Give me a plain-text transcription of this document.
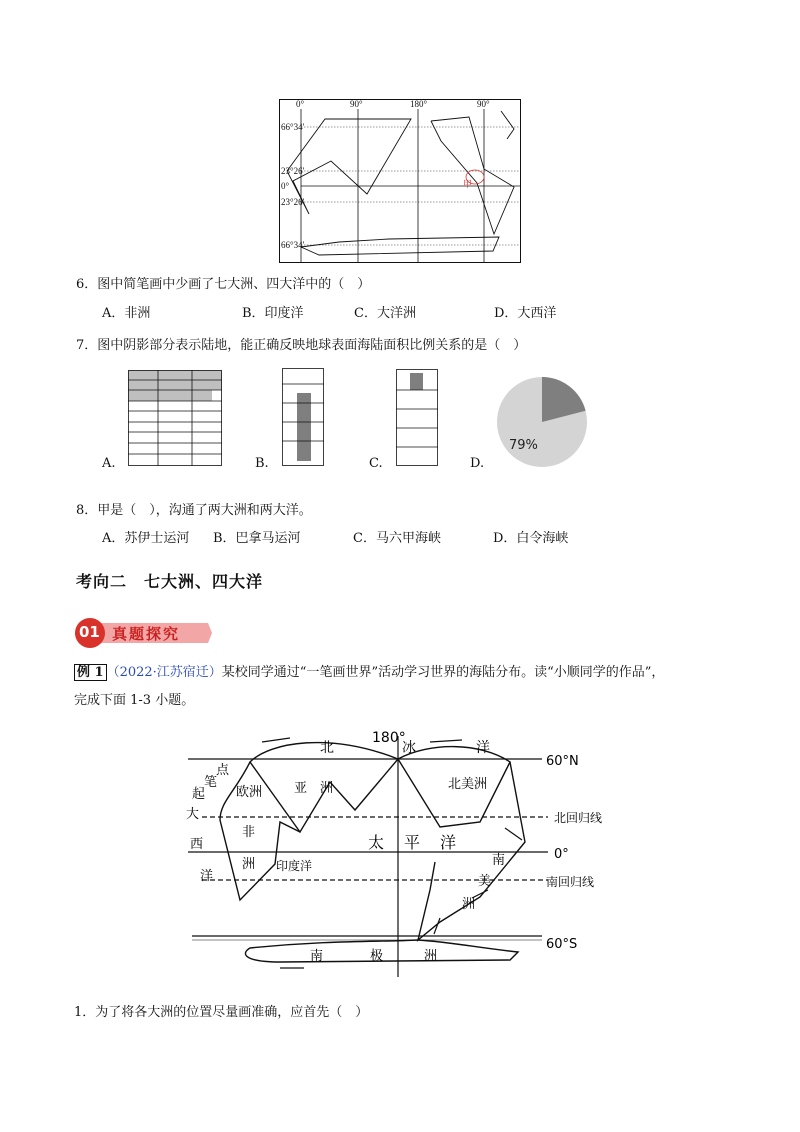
0°	90°	180°	90°
66°34'
23°26'
0°
23°26'
66°34'
甲
6．图中简笔画中少画了七大洲、四大洋中的（　）
A．非洲	B．印度洋	C．大洋洲	D．大西洋
7．图中阴影部分表示陆地，能正确反映地球表面海陆面积比例关系的是（　）
A.	B.	C.	D.
79%
8．甲是（　），沟通了两大洲和两大洋。
A．苏伊士运河 B．巴拿马运河	C．马六甲海峡	D．白令海峡
考向二　七大洲、四大洋
01 真题探究
例 1 （2022·江苏宿迁）某校同学通过“一笔画世界”活动学习世界的海陆分布。读“小顺同学的作品”，
完成下面 1-3 小题。
180°
60°N
北回归线
0°
南回归线
60°S
北	冰	洋
点
笔
起
大
西
洋
欧洲 亚　洲	北美洲
非
洲 印度洋
太　平　洋
南
美
洲
南	极	洲
1．为了将各大洲的位置尽量画准确，应首先（　）
